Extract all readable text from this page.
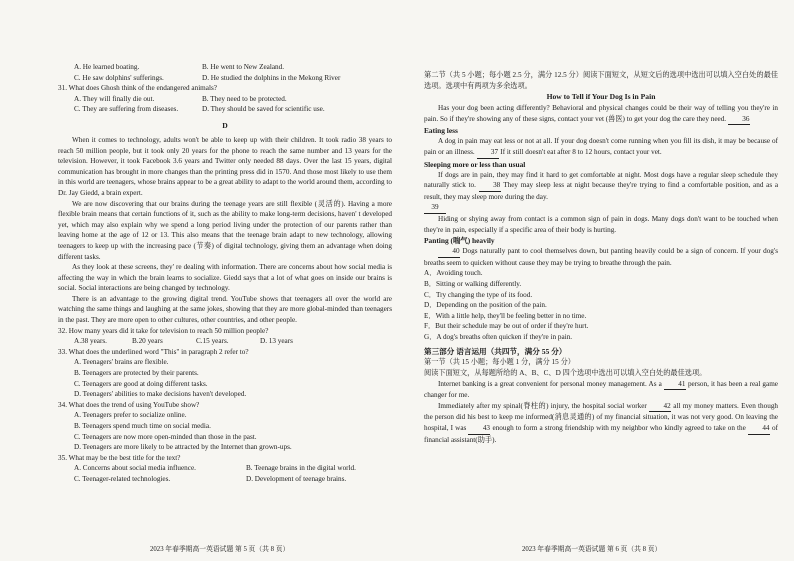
A. He learned boating.	B. He went to New Zealand.
C. He saw dolphins' sufferings.	D. He studied the dolphins in the Mekong River
31. What does Ghosh think of the endangered animals?
A. They will finally die out.	B. They need to be protected.
C. They are suffering from diseases.	D. They should be saved for scientific use.
D

When it comes to technology, adults won't be able to keep up with their children. It took radio 38 years to reach 50 million people, but it took only 20 years for the phone to reach the same number and 13 years for the television. However, it took Facebook 3.6 years and Twitter only needed 88 days. Over the last 15 years, digital communication has brought in more changes than the printing press did in 1570. And those most likely to use them in this world are teenagers, whose brains appear to be a great ability to adapt to the world around them, according to Dr. Jay Giedd, a brain expert.

We are now discovering that our brains during the teenage years are still flexible (灵活的). Having a more flexible brain means that certain functions of it, such as the ability to make long-term decisions, haven' t developed yet, which may also explain why we spend a long period living under the protection of our parents rather than leaving home at the age of 12 or 13. This also means that the teenage brain adapt to new technology, allowing teenagers to keep up with the increasing pace (节奏) of digital technology, giving them an advantage when doing different tasks.

As they look at these screens, they' re dealing with information. There are concerns about how social media is affecting the way in which the brain learns to socialize. Giedd says that a lot of what goes on inside our brains is social. Social interactions are being changed by technology.

There is an advantage to the growing digital trend. YouTube shows that teenagers all over the world are watching the same things and laughing at the same jokes, showing that they are more global-minded than teenagers in the past. They are more open to other cultures, other countries, and other people.

32. How many years did it take for television to reach 50 million people?
A.38 years.	B.20 years	C.15 years.	D. 13 years
33. What does the underlined word "This" in paragraph 2 refer to?
A. Teenagers' brains are flexible.
B. Teenagers are protected by their parents.
C. Teenagers are good at doing different tasks.
D. Teenagers' abilities to make decisions haven't developed.
34. What does the trend of using YouTube show?
A. Teenagers prefer to socialize online.
B. Teenagers spend much time on social media.
C. Teenagers are now more open-minded than those in the past.
D. Teenagers are more likely to be attracted by the Internet than grown-ups.
35. What may be the best title for the text?
A. Concerns about social media influence.	B. Teenage brains in the digital world.
C. Teenager-related technologies.	D. Development of teenage brains.
2023 年春季期高一英语试题 第 5 页（共 8 页）

第二节（共 5 小题；每小题 2.5 分，满分 12.5 分）阅读下面短文，从短文后的选项中选出可以填入空白处的最佳选项。选项中有两项为多余选项。

How to Tell if Your Dog Is in Pain

Has your dog been acting differently? Behavioral and physical changes could be their way of telling you they're in pain. So if they're showing any of these signs, contact your vet (兽医) to get your dog the care they need. 36

Eating less

A dog in pain may eat less or not at all. If your dog doesn't come running when you fill its dish, it may be because of pain or an illness. 37 If it still doesn't eat after 8 to 12 hours, contact your vet.

Sleeping more or less than usual

If dogs are in pain, they may find it hard to get comfortable at night. Most dogs have a regular sleep schedule they naturally stick to. 38 They may sleep less at night because they're trying to find a comfortable position, and as a result, they may sleep more during the day.

39

Hiding or shying away from contact is a common sign of pain in dogs. Many dogs don't want to be touched when they're in pain, especially if a specific area of their body is hurting.

Panting (喘气) heavily

40 Dogs naturally pant to cool themselves down, but panting heavily could be a sign of concern. If your dog's breaths seem to quicken without cause they may be trying to breathe through the pain.

A．Avoiding touch.
B．Sitting or walking differently.
C．Try changing the type of its food.
D．Depending on the position of the pain.
E．With a little help, they'll be feeling better in no time.
F．But their schedule may be out of order if they're hurt.
G．A dog's breaths often quicken if they're in pain.
第三部分 语言运用（共四节，满分 55 分）
第一节（共 15 小题；每小题 1 分，满分 15 分）
阅读下面短文，从每题所给的 A、B、C、D 四个选项中选出可以填入空白处的最佳选项。

Internet banking is a great convenient for personal money management. As a 41 person, it has been a real game changer for me.

Immediately after my spinal(脊柱的) injury, the hospital social worker 42 all my money matters. Even though the person did his best to keep me informed(消息灵通的) of my financial situation, it was not very good. On leaving the hospital, I was 43 enough to form a strong friendship with my neighbor who kindly agreed to take on the 44 of financial assistant(助手).

2023 年春季期高一英语试题 第 6 页（共 8 页）
